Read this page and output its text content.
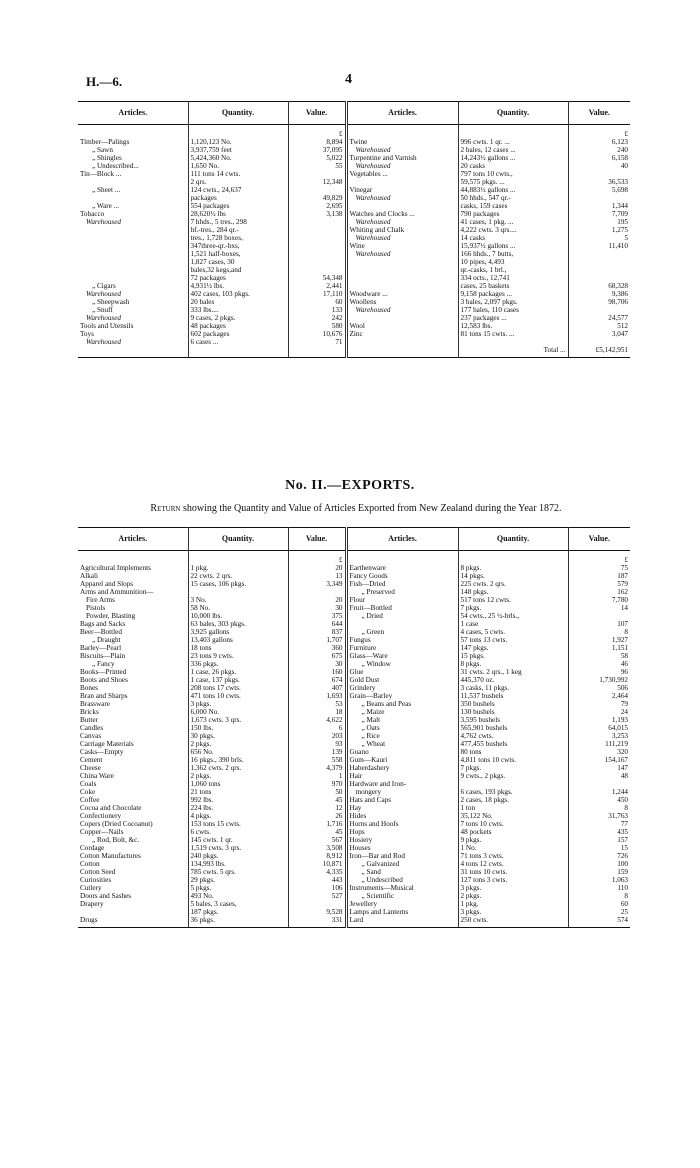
H.—6.	4
Articles.	Quantity.	Value.	Articles.	Quantity.	Value.
		£			£
Timber—Palings	1,120,123 No.	8,894	Twine	996 cwts. 1 qr. ...	6,123
„ Sawn	3,937,759 feet	37,095	Warehoused	2 bales, 12 cases ...	240
„ Shingles	5,424,360 No.	5,022	Turpentine and Varnish	14,243½ gallons ...	6,158
„ Undescribed...	1,650 No.	55	Warehoused	20 casks	40
Tin—Block ...	111 tons 14 cwts.		Vegetables ...	797 tons 10 cwts.,	
	2 qrs.	12,348		59,575 pkgs. ...	36,533
„ Sheet ...	124 cwts., 24,637		Vinegar	44,883½ gallons ...	5,698
	packages	49,829	Warehoused	50 hhds., 547 qr.-	
„ Ware ...	554 packages	2,695		casks, 159 cases	1,344
Tobacco	28,620½ lbs	3,138	Watches and Clocks ...	790 packages	7,709
Warehoused	7 hhds., 5 tres., 298		Warehoused	41 cases, 1 pkg. ...	195
	hf.-tres., 284 qr.-		Whiting and Chalk	4,222 cwts. 3 qrs....	1,275
	tres., 1,728 boxes,		Warehoused	14 casks	5
	347three-qr.-bxs,		Wine	15,937½ gallons ...	11,410
	1,521 half-boxes,		Warehoused	166 hhds., 7 butts,	
	1,827 cases, 30			10 pipes, 4,493	
	bales,32 kegs,and			qr.-casks, 1 brl.,	
	72 packages	54,348		334 octs., 12,741	
„ Cigars	4,931½ lbs.	2,441		cases, 25 baskets	68,328
Warehoused	402 cases, 103 pkgs.	17,110	Woodware ...	9,158 packages ...	9,386
„ Sheepwash	20 bales	60	Woollens	3 bales, 2,097 pkgs.	98,706
„ Snuff	333 lbs....	133	Warehoused	177 bales, 110 cases	
Warehoused	9 cases, 2 pkgs.	242		237 packages ...	24,577
Tools and Utensils	48 packages	580	Wool	12,583 lbs.	512
Toys	602 packages	10,676	Zinc	81 tons 15 cwts. ...	3,047
Warehoused	6 cases ...	71			
				Total ...	£5,142,951
No. II.—EXPORTS.
Return showing the Quantity and Value of Articles Exported from New Zealand during the Year 1872.
Articles.	Quantity.	Value.	Articles.	Quantity.	Value.
		£			£
Agricultural Implements	1 pkg.	20	Earthenware	8 pkgs.	75
Alkali	22 cwts. 2 qrs.	13	Fancy Goods	14 pkgs.	187
Apparel and Slops	15 cases, 106 pkgs.	3,349	Fish—Dried	225 cwts. 2 qrs.	579
Arms and Ammunition—			„ Preserved	148 pkgs.	162
Fire Arms	3 No.	20	Flour	517 tons 12 cwts.	7,780
Pistols	58 No.	30	Fruit—Bottled	7 pkgs.	14
Powder, Blasting	10,000 lbs.	375	„ Dried	54 cwts., 25 ½-brls.,	
Bags and Sacks	63 bales, 303 pkgs.	644		1 case	107
Beer—Bottled	3,925 gallons	837	„ Green	4 cases, 5 cwts.	8
„ Draught	13,403 gallons	1,707	Fungus	57 tons 13 cwts.	1,927
Barley—Pearl	18 tons	360	Furniture	147 pkgs.	1,151
Biscuits—Plain	23 tons 9 cwts.	675	Glass—Ware	15 pkgs.	58
„ Fancy	336 pkgs.	30	„ Window	8 pkgs.	46
Books—Printed	1 case, 26 pkgs.	160	Glue	31 cwts. 2 qrs., 1 keg	96
Boots and Shoes	1 case, 137 pkgs.	674	Gold Dust	445,370 oz.	1,730,992
Bones	208 tons 17 cwts.	407	Grindery	3 casks, 11 pkgs.	506
Bran and Sharps	471 tons 10 cwts.	1,693	Grain—Barley	11,537 bushels	2,464
Brassware	3 pkgs.	53	„ Beans and Peas	350 bushels	79
Bricks	6,000 No.	18	„ Maize	130 bushels	24
Butter	1,673 cwts. 3 qrs.	4,622	„ Malt	3,595 bushels	1,193
Candles	150 lbs.	6	„ Oats	565,901 bushels	64,015
Canvas	30 pkgs.	203	„ Rice	4,762 cwts.	3,253
Carriage Materials	2 pkgs.	93	„ Wheat	477,455 bushels	111,219
Casks—Empty	656 No.	139	Guano	80 tons	320
Cement	16 pkgs., 390 brls.	558	Gum—Kauri	4,811 tons 10 cwts.	154,167
Cheese	1,362 cwts. 2 qrs.	4,379	Haberdashery	7 pkgs.	147
China Ware	2 pkgs.	1	Hair	9 cwts., 2 pkgs.	48
Coals	1,060 tons	970	Hardware and Iron-		
Coke	21 tons	50	mongery	6 cases, 193 pkgs.	1,244
Coffee	992 lbs.	45	Hats and Caps	2 cases, 18 pkgs.	450
Cocoa and Chocolate	224 lbs.	12	Hay	1 ton	8
Confectionery	4 pkgs.	26	Hides	35,122 No.	31,763
Copers (Dried Cocoanut)	153 tons 15 cwts.	1,716	Horns and Hoofs	7 tons 10 cwts.	77
Copper—Nails	6 cwts.	45	Hops	48 pockets	435
„ Rod, Bolt, &c.	145 cwts. 1 qr.	567	Hosiery	9 pkgs.	157
Cordage	1,519 cwts. 3 qrs.	3,508	Houses	1 No.	15
Cotton Manufactures	240 pkgs.	8,912	Iron—Bar and Rod	71 tons 3 cwts.	726
Cotton	134,993 lbs.	10,871	„ Galvanized	4 tons 12 cwts.	100
Cotton Seed	785 cwts. 5 qrs.	4,335	„ Sand	31 tons 10 cwts.	159
Curiosities	29 pkgs.	443	„ Undescribed	127 tons 3 cwts.	1,063
Cutlery	5 pkgs.	106	Instruments—Musical	3 pkgs.	110
Doors and Sashes	493 No.	527	„ Scientific	2 pkgs.	8
Drapery	5 bales, 3 cases,		Jewellery	1 pkg.	60
	187 pkgs.	9,528	Lamps and Lanterns	3 pkgs.	25
Drugs	36 pkgs.	331	Lard	250 cwts.	574
